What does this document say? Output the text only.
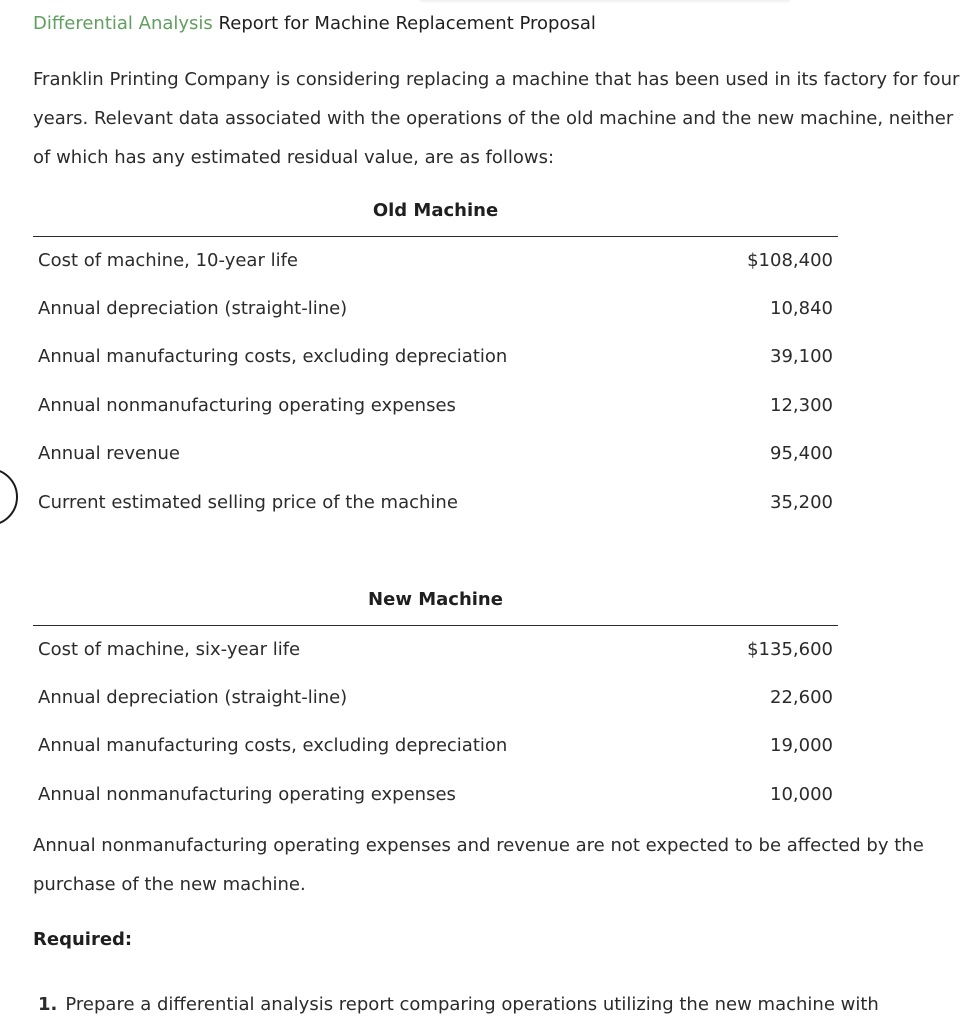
Differential Analysis Report for Machine Replacement Proposal

Franklin Printing Company is considering replacing a machine that has been used in its factory for four years. Relevant data associated with the operations of the old machine and the new machine, neither of which has any estimated residual value, are as follows:

Old Machine
Cost of machine, 10-year life	$108,400
Annual depreciation (straight-line)	10,840
Annual manufacturing costs, excluding depreciation	39,100
Annual nonmanufacturing operating expenses	12,300
Annual revenue	95,400
Current estimated selling price of the machine	35,200
New Machine
Cost of machine, six-year life	$135,600
Annual depreciation (straight-line)	22,600
Annual manufacturing costs, excluding depreciation	19,000
Annual nonmanufacturing operating expenses	10,000

Annual nonmanufacturing operating expenses and revenue are not expected to be affected by the purchase of the new machine.

Required:
1. Prepare a differential analysis report comparing operations utilizing the new machine with
